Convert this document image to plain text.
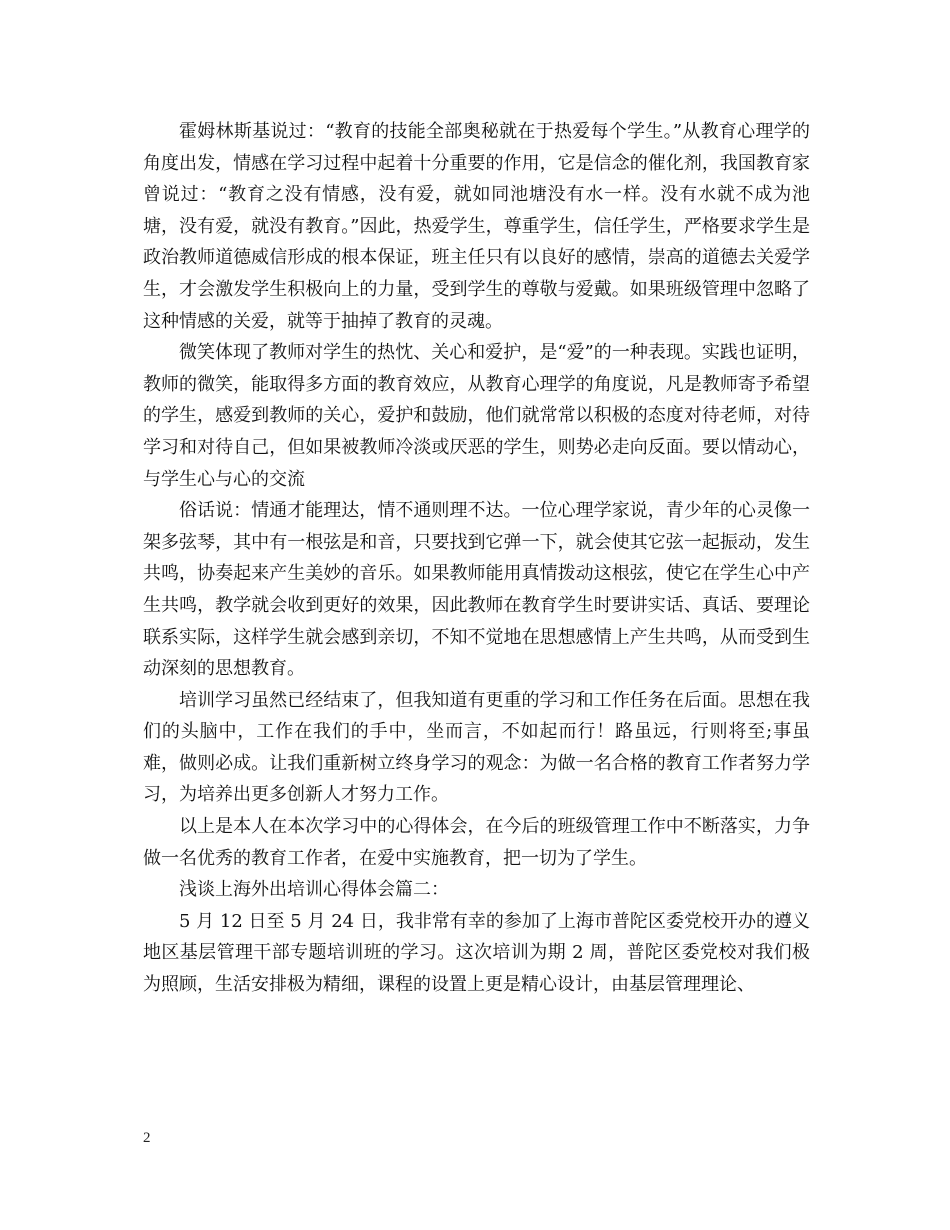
霍姆林斯基说过：“教育的技能全部奥秘就在于热爱每个学生。”从教育心理学的角度出发，情感在学习过程中起着十分重要的作用，它是信念的催化剂，我国教育家曾说过：“教育之没有情感，没有爱，就如同池塘没有水一样。没有水就不成为池塘，没有爱，就没有教育。”因此，热爱学生，尊重学生，信任学生，严格要求学生是政治教师道德威信形成的根本保证，班主任只有以良好的感情，崇高的道德去关爱学生，才会激发学生积极向上的力量，受到学生的尊敬与爱戴。如果班级管理中忽略了这种情感的关爱，就等于抽掉了教育的灵魂。

微笑体现了教师对学生的热忱、关心和爱护，是“爱”的一种表现。实践也证明，教师的微笑，能取得多方面的教育效应，从教育心理学的角度说，凡是教师寄予希望的学生，感爱到教师的关心，爱护和鼓励，他们就常常以积极的态度对待老师，对待学习和对待自己，但如果被教师冷淡或厌恶的学生，则势必走向反面。要以情动心，与学生心与心的交流

俗话说：情通才能理达，情不通则理不达。一位心理学家说，青少年的心灵像一架多弦琴，其中有一根弦是和音，只要找到它弹一下，就会使其它弦一起振动，发生共鸣，协奏起来产生美妙的音乐。如果教师能用真情拨动这根弦，使它在学生心中产生共鸣，教学就会收到更好的效果，因此教师在教育学生时要讲实话、真话、要理论联系实际，这样学生就会感到亲切，不知不觉地在思想感情上产生共鸣，从而受到生动深刻的思想教育。

培训学习虽然已经结束了，但我知道有更重的学习和工作任务在后面。思想在我们的头脑中，工作在我们的手中，坐而言，不如起而行！路虽远，行则将至;事虽难，做则必成。让我们重新树立终身学习的观念：为做一名合格的教育工作者努力学习，为培养出更多创新人才努力工作。

以上是本人在本次学习中的心得体会，在今后的班级管理工作中不断落实，力争做一名优秀的教育工作者，在爱中实施教育，把一切为了学生。

浅谈上海外出培训心得体会篇二：

5 月 12 日至 5 月 24 日，我非常有幸的参加了上海市普陀区委党校开办的遵义地区基层管理干部专题培训班的学习。这次培训为期 2 周，普陀区委党校对我们极为照顾，生活安排极为精细，课程的设置上更是精心设计，由基层管理理论、

2
